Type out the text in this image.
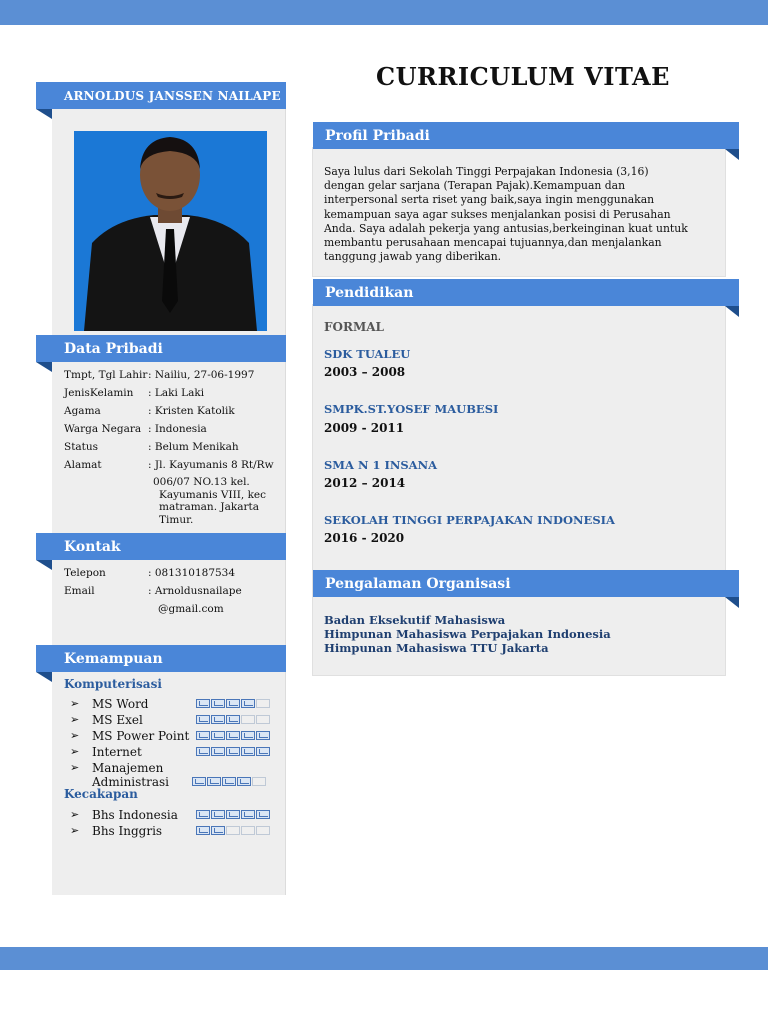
ARNOLDUS JANSSEN NAILAPE
Data Pribadi
Tmpt, Tgl Lahir : Nailiu, 27-06-1997
JenisKelamin	: Laki Laki
Agama	: Kristen Katolik
Warga Negara : Indonesia
Status	: Belum Menikah
Alamat	: Jl. Kayumanis 8 Rt/Rw
006/07 NO.13 kel.
Kayumanis VIII, kec
matraman. Jakarta
Timur.
Kontak
Telepon	: 081310187534
Email	: Arnoldusnailape
@gmail.com
Kemampuan
Komputerisasi
➢	MS Word
➢	MS Exel
➢	MS Power Point
➢	Internet
➢	Manajemen
Administrasi
Kecakapan
➢	Bhs Indonesia
➢	Bhs Inggris
CURRICULUM VITAE
Profil Pribadi
Saya lulus dari Sekolah Tinggi Perpajakan Indonesia (3,16)
dengan gelar sarjana (Terapan Pajak).Kemampuan dan
interpersonal serta riset yang baik,saya ingin menggunakan
kemampuan saya agar sukses menjalankan posisi di Perusahan
Anda. Saya adalah pekerja yang antusias,berkeinginan kuat untuk
membantu perusahaan mencapai tujuannya,dan menjalankan
tanggung jawab yang diberikan.
Pendidikan
FORMAL
SDK TUALEU
2003 – 2008
SMPK.ST.YOSEF MAUBESI
2009 - 2011
SMA N 1 INSANA
2012 – 2014
SEKOLAH TINGGI PERPAJAKAN INDONESIA
2016 - 2020
Pengalaman Organisasi
Badan Eksekutif Mahasiswa
Himpunan Mahasiswa Perpajakan Indonesia
Himpunan Mahasiswa TTU Jakarta
